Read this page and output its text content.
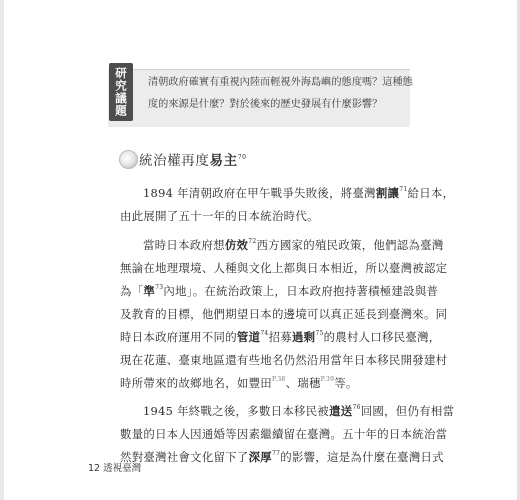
研究議題	清朝政府確實有重視內陸而輕視外海島嶼的態度嗎？這種態

度的來源是什麼？對於後來的歷史發展有什麼影響？

統治權再度易主$^{70}$
1894 年清朝政府在甲午戰爭失敗後，將臺灣割讓$^{71}$給日本，
由此展開了五十一年的日本統治時代。
當時日本政府想仿效$^{72}$西方國家的殖民政策，他們認為臺灣
無論在地理環境、人種與文化上都與日本相近，所以臺灣被認定
為「準$^{73}$內地」。在統治政策上，日本政府抱持著積極建設與普
及教育的目標，他們期望日本的邊境可以真正延長到臺灣來。同
時日本政府運用不同的管道$^{74}$招募過剩$^{75}$的農村人口移民臺灣，
現在花蓮、臺東地區還有些地名仍然沿用當年日本移民開發建村
時所帶來的故鄉地名，如豐田$^{P.38}$、瑞穗$^{P.39}$等。
1945 年終戰之後，多數日本移民被遣送$^{76}$回國，但仍有相當
數量的日本人因通婚等因素繼續留在臺灣。五十年的日本統治當
然對臺灣社會文化留下了深厚$^{77}$的影響，這是為什麼在臺灣日式
12 透視臺灣
